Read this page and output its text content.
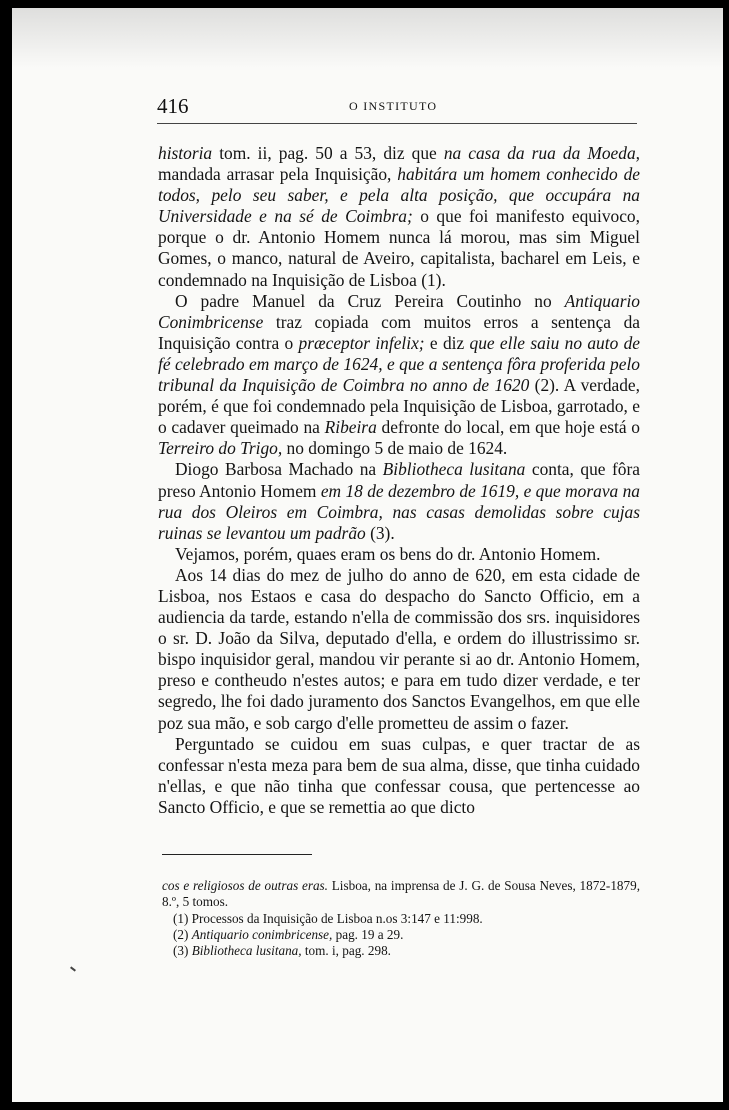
416	O INSTITUTO

historia tom. ii, pag. 50 a 53, diz que na casa da rua da Moeda, mandada arrasar pela Inquisição, habitára um homem conhecido de todos, pelo seu saber, e pela alta posição, que occupára na Universidade e na sé de Coimbra; o que foi manifesto equivoco, porque o dr. Antonio Homem nunca lá morou, mas sim Miguel Gomes, o manco, natural de Aveiro, capitalista, bacharel em Leis, e condemnado na Inquisição de Lisboa (1).

O padre Manuel da Cruz Pereira Coutinho no Antiquario Conimbricense traz copiada com muitos erros a sentença da Inquisição contra o præceptor infelix; e diz que elle saiu no auto de fé celebrado em março de 1624, e que a sentença fôra proferida pelo tribunal da Inquisição de Coimbra no anno de 1620 (2). A verdade, porém, é que foi condemnado pela Inquisição de Lisboa, garrotado, e o cadaver queimado na Ribeira defronte do local, em que hoje está o Terreiro do Trigo, no domingo 5 de maio de 1624.

Diogo Barbosa Machado na Bibliotheca lusitana conta, que fôra preso Antonio Homem em 18 de dezembro de 1619, e que morava na rua dos Oleiros em Coimbra, nas casas demolidas sobre cujas ruinas se levantou um padrão (3).

Vejamos, porém, quaes eram os bens do dr. Antonio Homem.

Aos 14 dias do mez de julho do anno de 620, em esta cidade de Lisboa, nos Estaos e casa do despacho do Sancto Officio, em a audiencia da tarde, estando n'ella de commissão dos srs. inquisidores o sr. D. João da Silva, deputado d'ella, e ordem do illustrissimo sr. bispo inquisidor geral, mandou vir perante si ao dr. Antonio Homem, preso e contheudo n'estes autos; e para em tudo dizer verdade, e ter segredo, lhe foi dado juramento dos Sanctos Evangelhos, em que elle poz sua mão, e sob cargo d'elle prometteu de assim o fazer.

Perguntado se cuidou em suas culpas, e quer tractar de as confessar n'esta meza para bem de sua alma, disse, que tinha cuidado n'ellas, e que não tinha que confessar cousa, que pertencesse ao Sancto Officio, e que se remettia ao que dicto

cos e religiosos de outras eras. Lisboa, na imprensa de J. G. de Sousa Neves, 1872-1879, 8.º, 5 tomos.

(1) Processos da Inquisição de Lisboa n.os 3:147 e 11:998.

(2) Antiquario conimbricense, pag. 19 a 29.

(3) Bibliotheca lusitana, tom. i, pag. 298.
